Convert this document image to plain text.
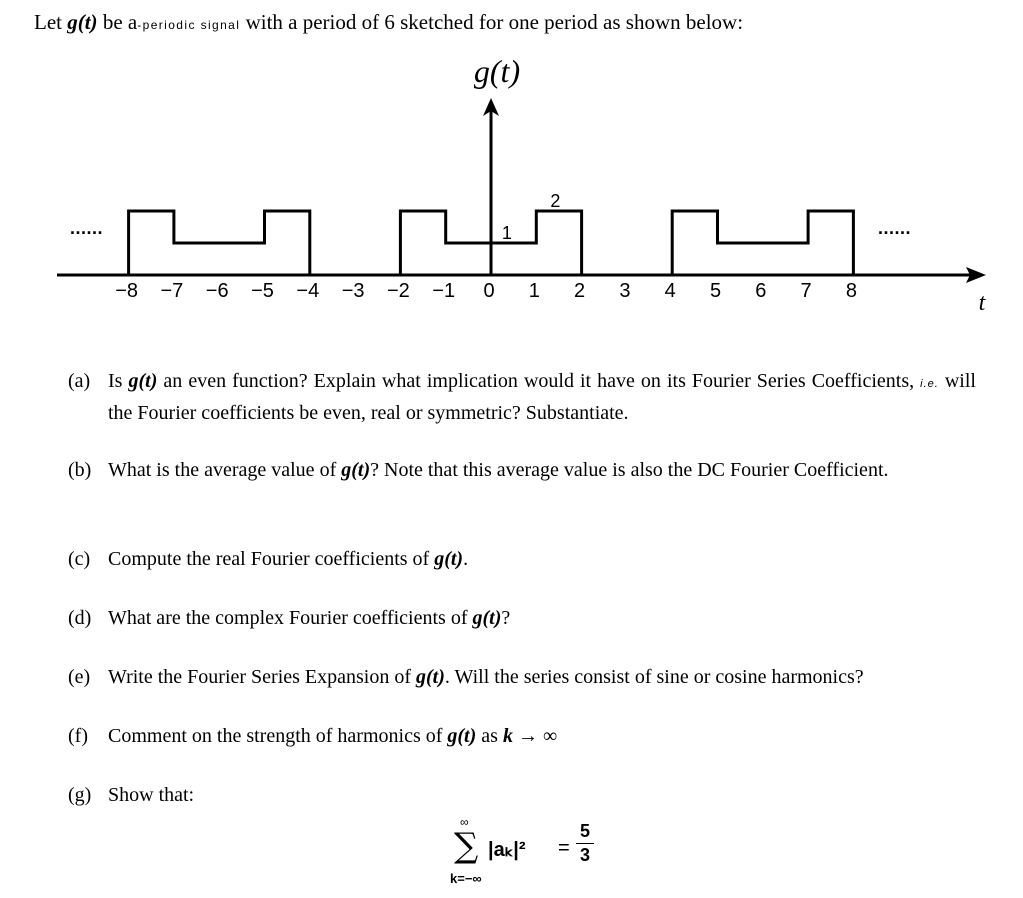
Let g(t) be a-periodic signal with a period of 6 sketched for one period as shown below:
−8 −7 −6 −5 −4 −3 −2 −1 0 1 2 3 4 5 6 7 8
1
2
......	......
g(t)
t
(a) Is g(t) an even function? Explain what implication would it have on its Fourier Series Coefficients, i.e. will the Fourier coefficients be even, real or symmetric? Substantiate.
(b) What is the average value of g(t)? Note that this average value is also the DC Fourier Coefficient.
(c) Compute the real Fourier coefficients of g(t).
(d) What are the complex Fourier coefficients of g(t)?
(e) Write the Fourier Series Expansion of g(t). Will the series consist of sine or cosine harmonics?
(f) Comment on the strength of harmonics of g(t) as k → ∞
(g) Show that:
∞
∑
k=−∞
|aₖ|² =
5
3
